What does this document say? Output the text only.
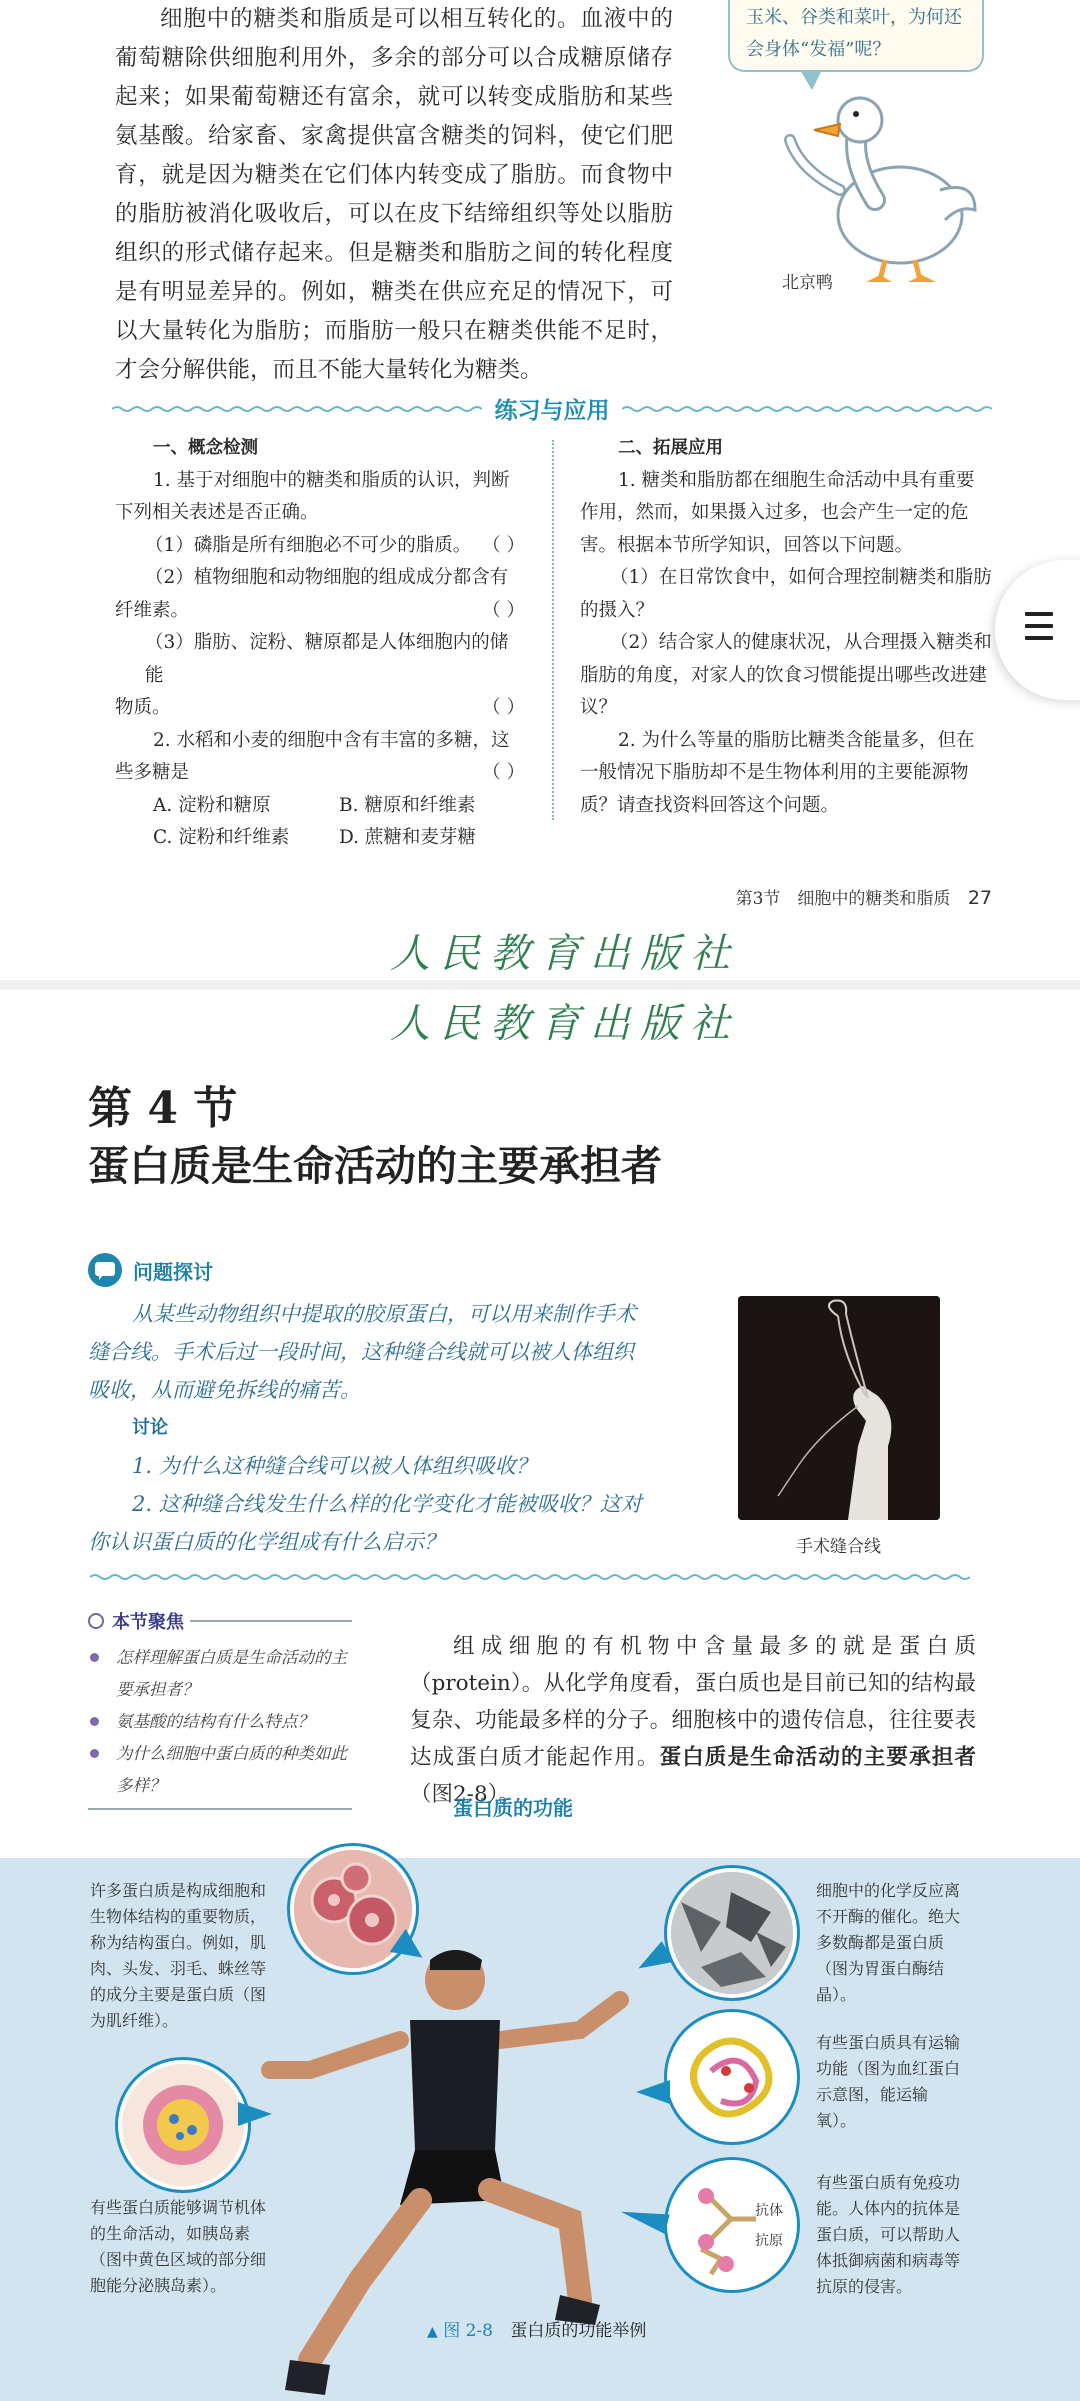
细胞中的糖类和脂质是可以相互转化的。血液中的葡萄糖除供细胞利用外，多余的部分可以合成糖原储存起来；如果葡萄糖还有富余，就可以转变成脂肪和某些氨基酸。给家畜、家禽提供富含糖类的饲料，使它们肥育，就是因为糖类在它们体内转变成了脂肪。而食物中的脂肪被消化吸收后，可以在皮下结缔组织等处以脂肪组织的形式储存起来。但是糖类和脂肪之间的转化程度是有明显差异的。例如，糖类在供应充足的情况下，可以大量转化为脂肪；而脂肪一般只在糖类供能不足时，才会分解供能，而且不能大量转化为糖类。

玉米、谷类和菜叶，为何还会身体“发福”呢？
北京鸭
练习与应用

一、概念检测

1. 基于对细胞中的糖类和脂质的认识，判断下列相关表述是否正确。

（1）磷脂是所有细胞必不可少的脂质。 （ ）

（2）植物细胞和动物细胞的组成成分都含有

纤维素。	（ ）

（3）脂肪、淀粉、糖原都是人体细胞内的储能

物质。	（ ）

2. 水稻和小麦的细胞中含有丰富的多糖，这

些多糖是	（ ）
A. 淀粉和糖原	B. 糖原和纤维素
C. 淀粉和纤维素	D. 蔗糖和麦芽糖

二、拓展应用

1. 糖类和脂肪都在细胞生命活动中具有重要作用，然而，如果摄入过多，也会产生一定的危害。根据本节所学知识，回答以下问题。

（1）在日常饮食中，如何合理控制糖类和脂肪的摄入？

（2）结合家人的健康状况，从合理摄入糖类和脂肪的角度，对家人的饮食习惯能提出哪些改进建议？

2. 为什么等量的脂肪比糖类含能量多，但在一般情况下脂肪却不是生物体利用的主要能源物质？请查找资料回答这个问题。

第3节　细胞中的糖类和脂质 27
人民教育出版社
人民教育出版社
第 4 节
蛋白质是生命活动的主要承担者
问题探讨

从某些动物组织中提取的胶原蛋白，可以用来制作手术缝合线。手术后过一段时间，这种缝合线就可以被人体组织吸收，从而避免拆线的痛苦。

讨论

1. 为什么这种缝合线可以被人体组织吸收？

2. 这种缝合线发生什么样的化学变化才能被吸收？这对你认识蛋白质的化学组成有什么启示？	手术缝合线
本节聚焦
怎样理解蛋白质是生命活动的主要承担者？
氨基酸的结构有什么特点？
为什么细胞中蛋白质的种类如此多样？

组成细胞的有机物中含量最多的就是蛋白质（protein）。从化学角度看，蛋白质也是目前已知的结构最复杂、功能最多样的分子。细胞核中的遗传信息，往往要表达成蛋白质才能起作用。蛋白质是生命活动的主要承担者（图2-8）。

蛋白质的功能
许多蛋白质是构成细胞和生物体结构的重要物质，称为结构蛋白。例如，肌肉、头发、羽毛、蛛丝等的成分主要是蛋白质（图为肌纤维）。
有些蛋白质能够调节机体的生命活动，如胰岛素（图中黄色区域的部分细胞能分泌胰岛素）。
细胞中的化学反应离不开酶的催化。绝大多数酶都是蛋白质（图为胃蛋白酶结晶）。
有些蛋白质具有运输功能（图为血红蛋白示意图，能运输氧）。
有些蛋白质有免疫功能。人体内的抗体是蛋白质，可以帮助人体抵御病菌和病毒等抗原的侵害。
抗体
抗原
▲ 图 2-8 蛋白质的功能举例
